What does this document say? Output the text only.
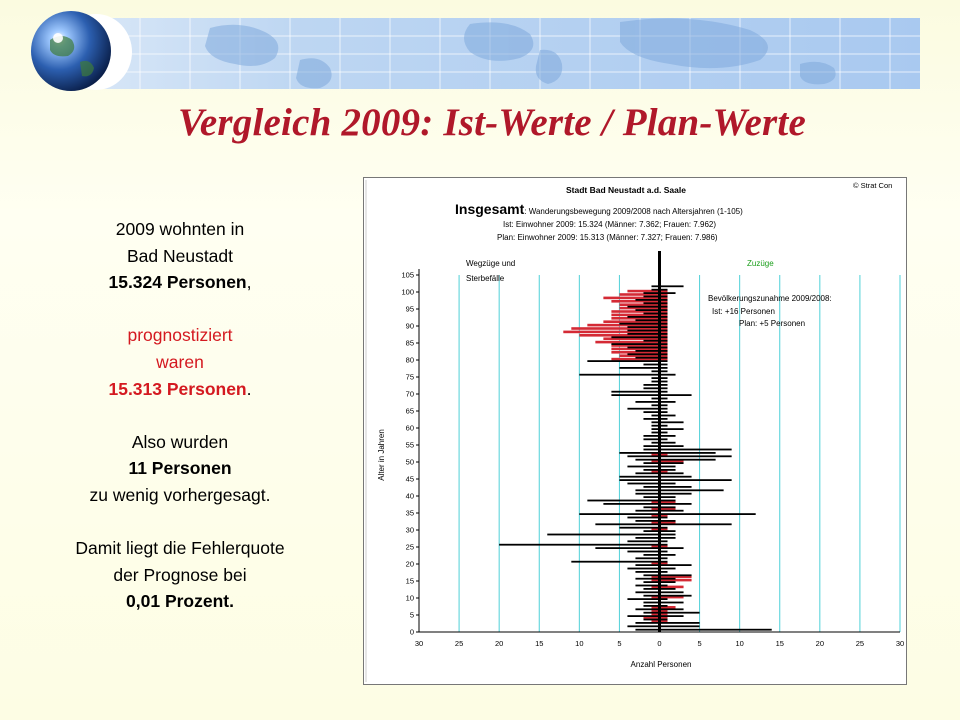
Vergleich 2009: Ist-Werte / Plan-Werte
2009 wohnten in
Bad Neustadt
15.324 Personen,

prognostiziert
waren
15.313 Personen.

Also wurden
11 Personen
zu wenig vorhergesagt.

Damit liegt die Fehlerquote
der Prognose bei
0,01 Prozent.
Stadt Bad Neustadt a.d. Saale	© Strat Con
Insgesamt: Wanderungsbewegung 2009/2008 nach Altersjahren (1-105)
Ist: Einwohner 2009: 15.324 (Männer: 7.362; Frauen: 7.962)
Plan: Einwohner 2009: 15.313 (Männer: 7.327; Frauen: 7.986)
30	25	20	15	10	5	0	5	10	15	20	25	30
0
5
10
15
20
25
30
35
40
45
50
55
60
65
70
75
80
85
90
95
100
105
Wegzüge und
Sterbefälle
Zuzüge
Bevölkerungszunahme 2009/2008:
Ist: +16 Personen
Plan: +5 Personen
Anzahl Personen
Alter in Jahren
